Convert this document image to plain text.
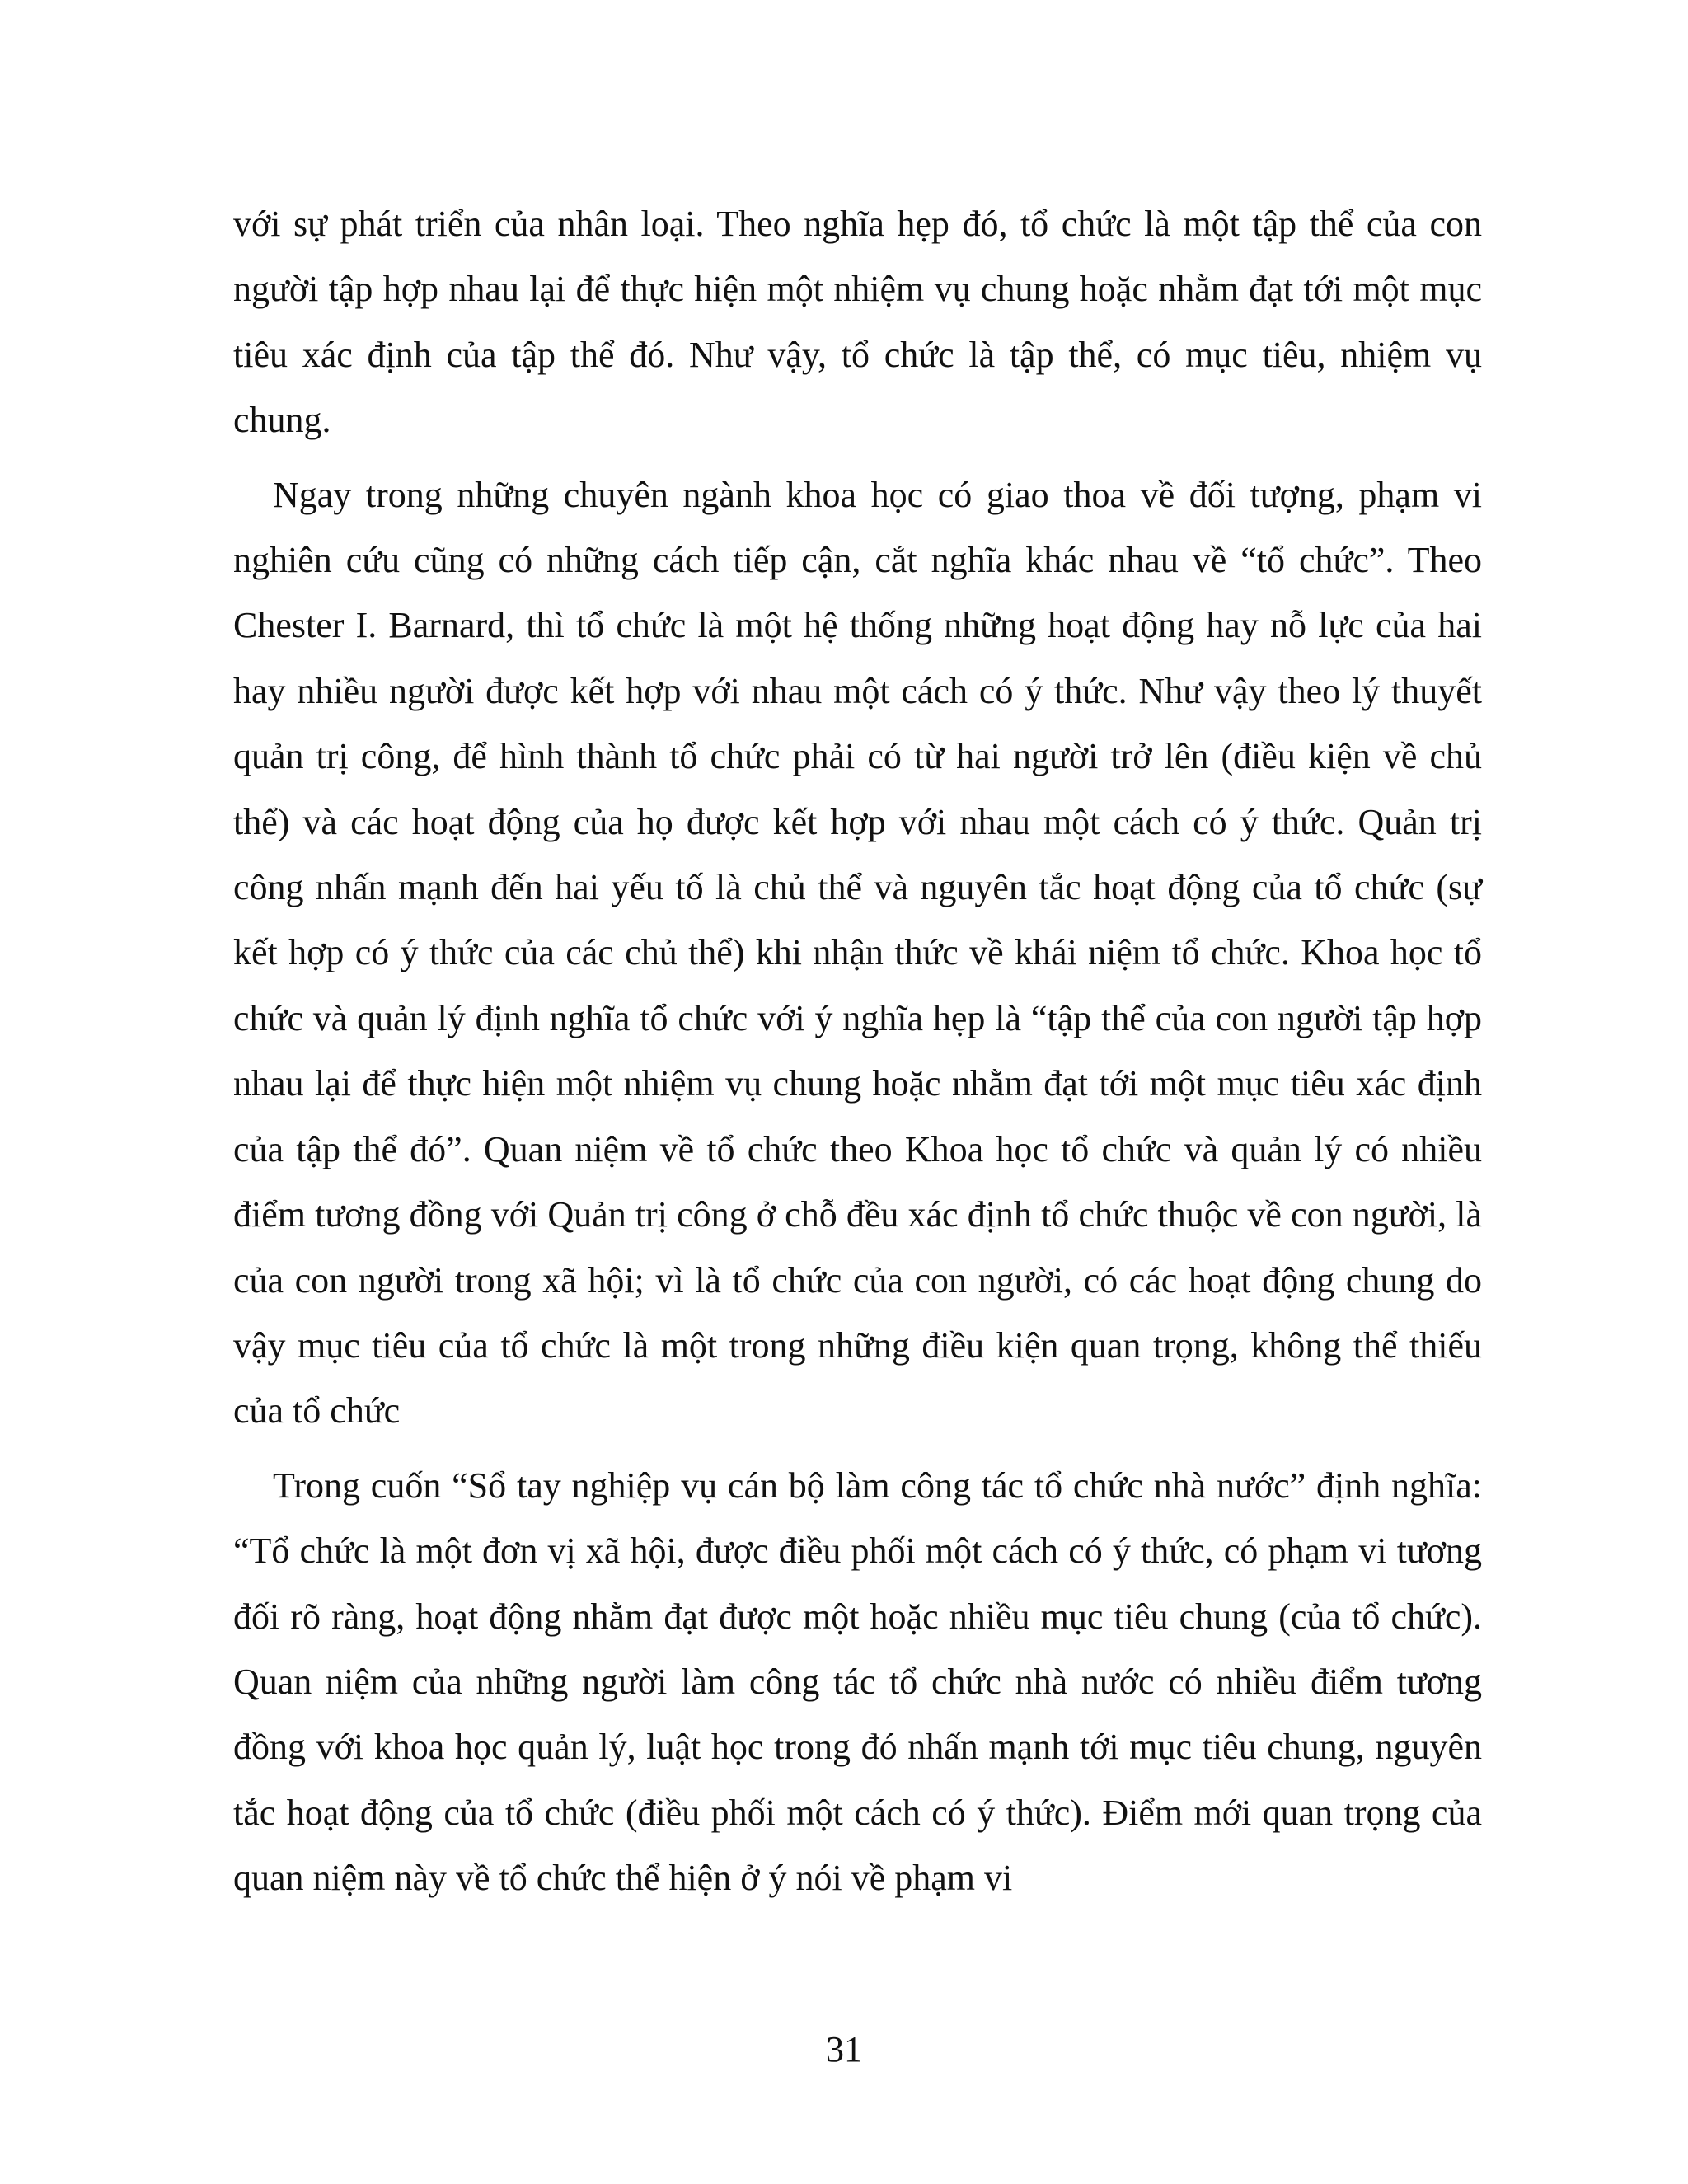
với sự phát triển của nhân loại. Theo nghĩa hẹp đó, tổ chức là một tập thể của con người tập hợp nhau lại để thực hiện một nhiệm vụ chung hoặc nhằm đạt tới một mục tiêu xác định của tập thể đó. Như vậy, tổ chức là tập thể, có mục tiêu, nhiệm vụ chung.

Ngay trong những chuyên ngành khoa học có giao thoa về đối tượng, phạm vi nghiên cứu cũng có những cách tiếp cận, cắt nghĩa khác nhau về “tổ chức”. Theo Chester I. Barnard, thì tổ chức là một hệ thống những hoạt động hay nỗ lực của hai hay nhiều người được kết hợp với nhau một cách có ý thức. Như vậy theo lý thuyết quản trị công, để hình thành tổ chức phải có từ hai người trở lên (điều kiện về chủ thể) và các hoạt động của họ được kết hợp với nhau một cách có ý thức. Quản trị công nhấn mạnh đến hai yếu tố là chủ thể và nguyên tắc hoạt động của tổ chức (sự kết hợp có ý thức của các chủ thể) khi nhận thức về khái niệm tổ chức. Khoa học tổ chức và quản lý định nghĩa tổ chức với ý nghĩa hẹp là “tập thể của con người tập hợp nhau lại để thực hiện một nhiệm vụ chung hoặc nhằm đạt tới một mục tiêu xác định của tập thể đó”. Quan niệm về tổ chức theo Khoa học tổ chức và quản lý có nhiều điểm tương đồng với Quản trị công ở chỗ đều xác định tổ chức thuộc về con người, là của con người trong xã hội; vì là tổ chức của con người, có các hoạt động chung do vậy mục tiêu của tổ chức là một trong những điều kiện quan trọng, không thể thiếu của tổ chức

Trong cuốn “Sổ tay nghiệp vụ cán bộ làm công tác tổ chức nhà nước” định nghĩa: “Tổ chức là một đơn vị xã hội, được điều phối một cách có ý thức, có phạm vi tương đối rõ ràng, hoạt động nhằm đạt được một hoặc nhiều mục tiêu chung (của tổ chức). Quan niệm của những người làm công tác tổ chức nhà nước có nhiều điểm tương đồng với khoa học quản lý, luật học trong đó nhấn mạnh tới mục tiêu chung, nguyên tắc hoạt động của tổ chức (điều phối một cách có ý thức). Điểm mới quan trọng của quan niệm này về tổ chức thể hiện ở ý nói về phạm vi

31
